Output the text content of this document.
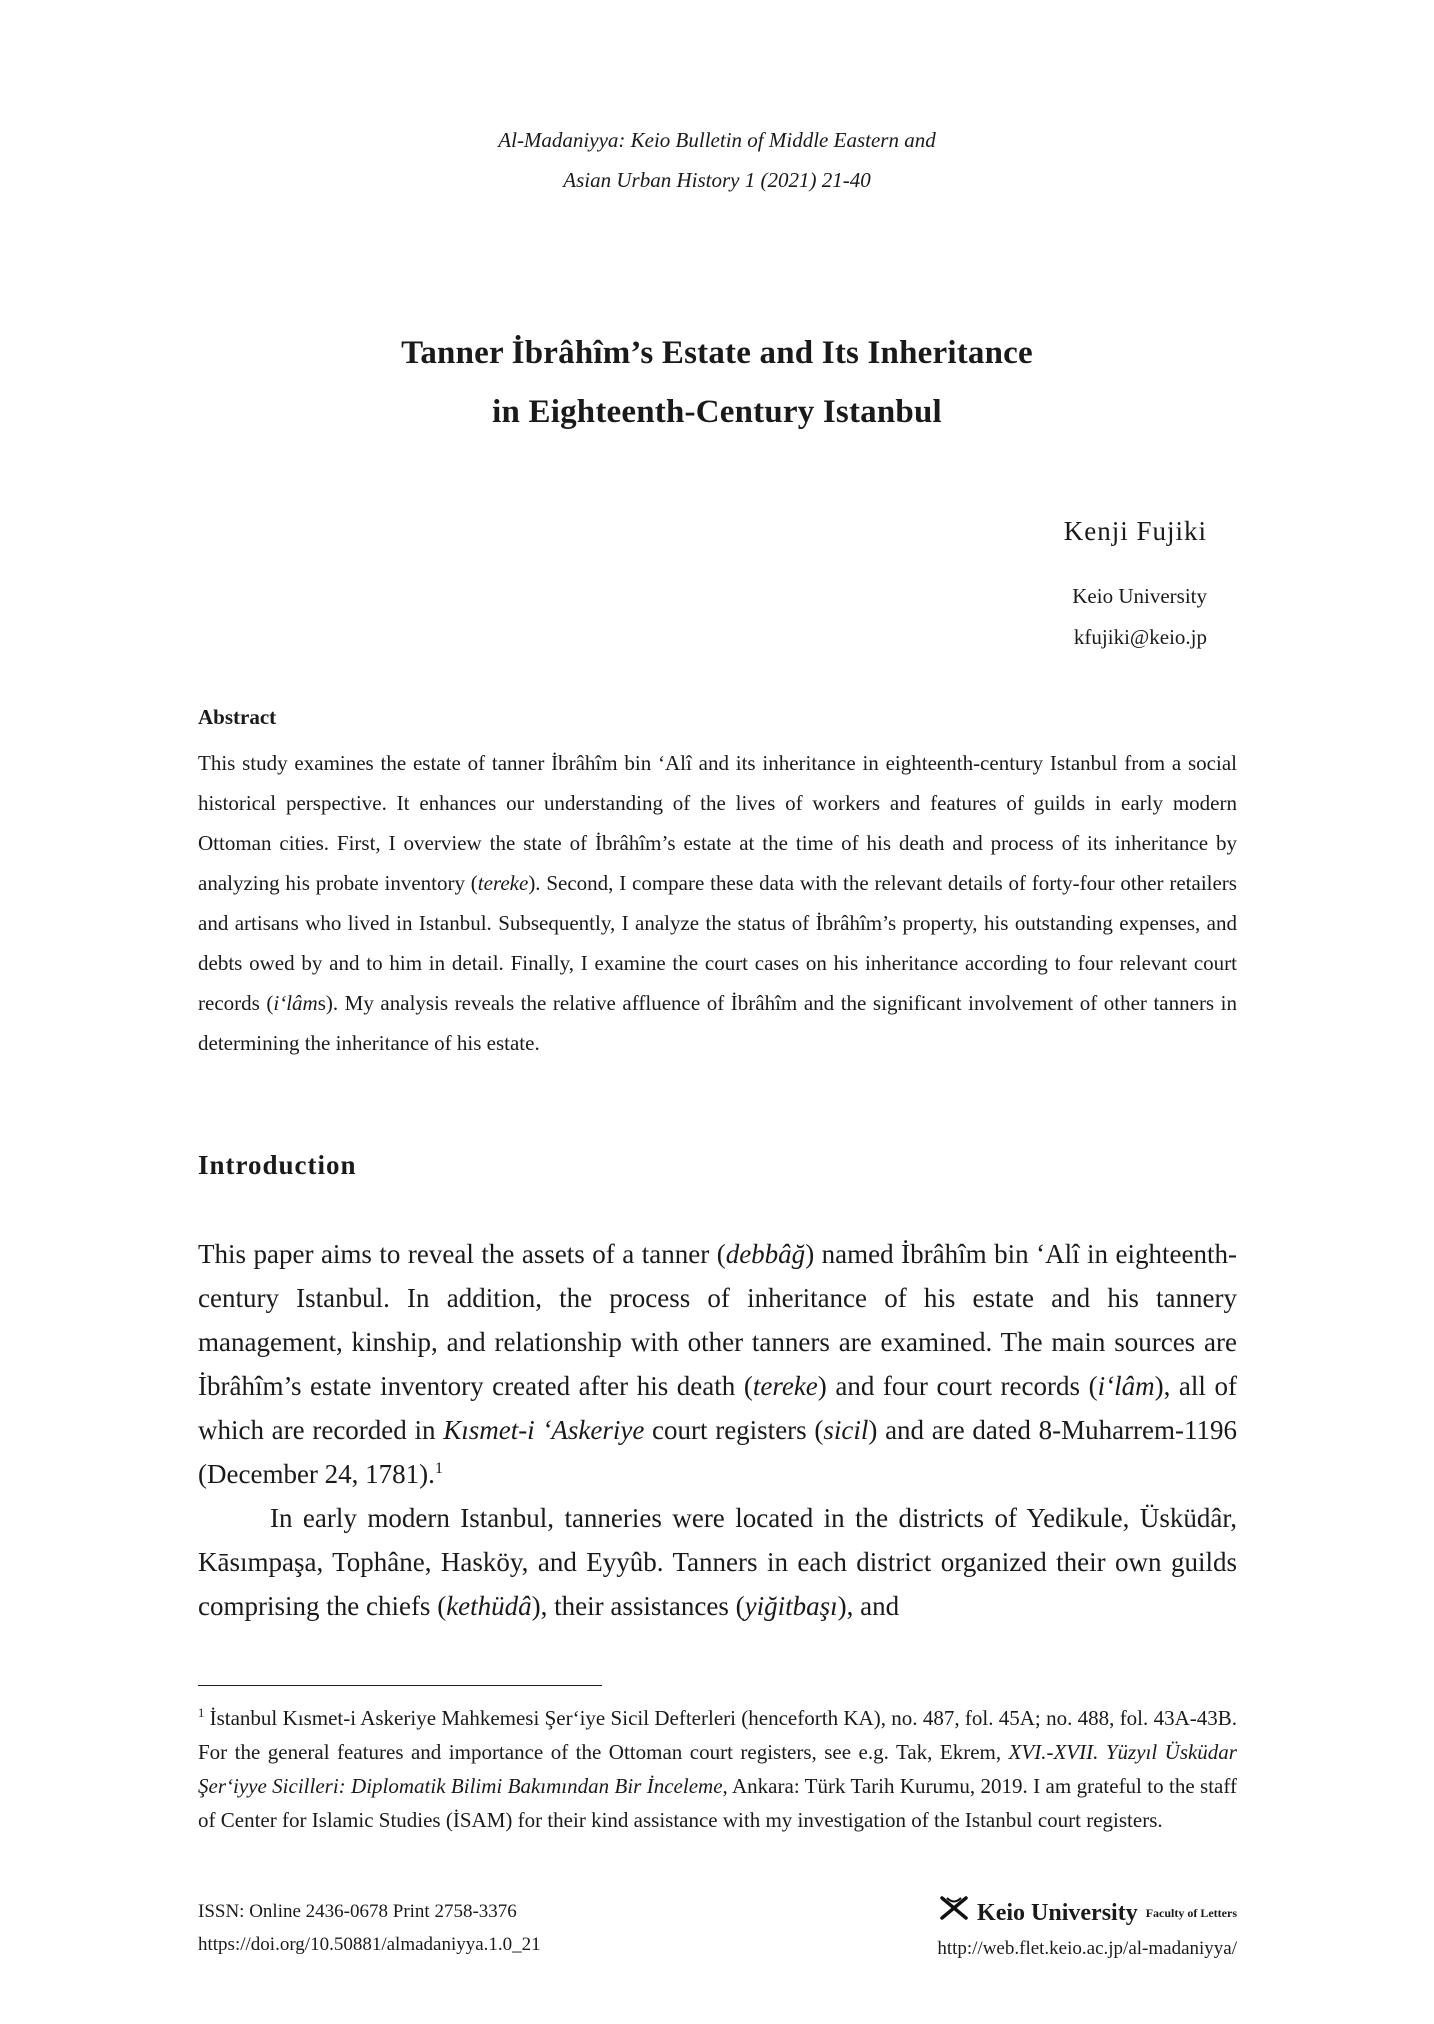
Al-Madaniyya: Keio Bulletin of Middle Eastern and
Asian Urban History 1 (2021) 21-40
Tanner İbrâhîm’s Estate and Its Inheritance
in Eighteenth-Century Istanbul
Kenji Fujiki
Keio University
kfujiki@keio.jp
Abstract
This study examines the estate of tanner İbrâhîm bin ‘Alî and its inheritance in eighteenth-century Istanbul from a social historical perspective. It enhances our understanding of the lives of workers and features of guilds in early modern Ottoman cities. First, I overview the state of İbrâhîm’s estate at the time of his death and process of its inheritance by analyzing his probate inventory (tereke). Second, I compare these data with the relevant details of forty-four other retailers and artisans who lived in Istanbul. Subsequently, I analyze the status of İbrâhîm’s property, his outstanding expenses, and debts owed by and to him in detail. Finally, I examine the court cases on his inheritance according to four relevant court records (i‘lâms). My analysis reveals the relative affluence of İbrâhîm and the significant involvement of other tanners in determining the inheritance of his estate.
Introduction

This paper aims to reveal the assets of a tanner (debbâğ) named İbrâhîm bin ‘Alî in eighteenth-century Istanbul. In addition, the process of inheritance of his estate and his tannery management, kinship, and relationship with other tanners are examined. The main sources are İbrâhîm’s estate inventory created after his death (tereke) and four court records (i‘lâm), all of which are recorded in Kısmet-i ‘Askeriye court registers (sicil) and are dated 8-Muharrem-1196 (December 24, 1781).$^1$

In early modern Istanbul, tanneries were located in the districts of Yedikule, Üsküdâr, Kāsımpaşa, Tophâne, Hasköy, and Eyyûb. Tanners in each district organized their own guilds comprising the chiefs (kethüdâ), their assistances (yiğitbaşı), and

$^1$ İstanbul Kısmet-i Askeriye Mahkemesi Şer‘iye Sicil Defterleri (henceforth KA), no. 487, fol. 45A; no. 488, fol. 43A-43B. For the general features and importance of the Ottoman court registers, see e.g. Tak, Ekrem, XVI.-XVII. Yüzyıl Üsküdar Şer‘iyye Sicilleri: Diplomatik Bilimi Bakımından Bir İnceleme, Ankara: Türk Tarih Kurumu, 2019. I am grateful to the staff of Center for Islamic Studies (İSAM) for their kind assistance with my investigation of the Istanbul court registers.
ISSN: Online 2436-0678 Print 2758-3376
https://doi.org/10.50881/almadaniyya.1.0_21
Keio University Faculty of Letters
http://web.flet.keio.ac.jp/al-madaniyya/
